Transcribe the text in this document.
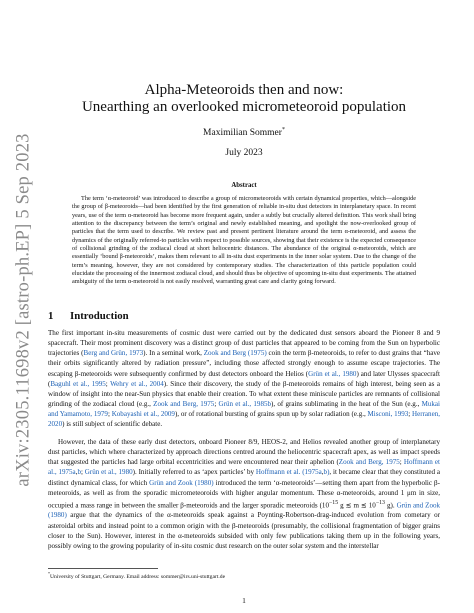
arXiv:2305.11698v2 [astro-ph.EP] 5 Sep 2023
Alpha-Meteoroids then and now:
Unearthing an overlooked micrometeoroid population

Maximilian Sommer*

July 2023

Abstract

The term ‘α-meteoroid’ was introduced to describe a group of micrometeoroids with certain dynamical properties, which—alongside the group of β-meteoroids—had been identified by the first generation of reliable in-situ dust detectors in interplanetary space. In recent years, use of the term α-meteoroid has become more frequent again, under a subtly but crucially altered definition. This work shall bring attention to the discrepancy between the term’s original and newly established meaning, and spotlight the now-overlooked group of particles that the term used to describe. We review past and present pertinent literature around the term α-meteoroid, and assess the dynamics of the originally referred-to particles with respect to possible sources, showing that their existence is the expected consequence of collisional grinding of the zodiacal cloud at short heliocentric distances. The abundance of the original α-meteoroids, which are essentially ‘bound β-meteoroids’, makes them relevant to all in-situ dust experiments in the inner solar system. Due to the change of the term’s meaning, however, they are not considered by contemporary studies. The characterization of this particle population could elucidate the processing of the innermost zodiacal cloud, and should thus be objective of upcoming in-situ dust experiments. The attained ambiguity of the term α-meteoroid is not easily resolved, warranting great care and clarity going forward.

1 Introduction

The first important in-situ measurements of cosmic dust were carried out by the dedicated dust sensors aboard the Pioneer 8 and 9 spacecraft. Their most prominent discovery was a distinct group of dust particles that appeared to be coming from the Sun on hyperbolic trajectories (Berg and Grün, 1973). In a seminal work, Zook and Berg (1975) coin the term β-meteoroids, to refer to dust grains that “have their orbits significantly altered by radiation pressure”, including those affected strongly enough to assume escape trajectories. The escaping β-meteoroids were subsequently confirmed by dust detectors onboard the Helios (Grün et al., 1980) and later Ulysses spacecraft (Baguhl et al., 1995; Wehry et al., 2004). Since their discovery, the study of the β-meteoroids remains of high interest, being seen as a window of insight into the near-Sun physics that enable their creation. To what extent these miniscule particles are remnants of collisional grinding of the zodiacal cloud (e.g., Zook and Berg, 1975; Grün et al., 1985b), of grains sublimating in the heat of the Sun (e.g., Mukai and Yamamoto, 1979; Kobayashi et al., 2009), or of rotational bursting of grains spun up by solar radiation (e.g., Misconi, 1993; Herranen, 2020) is still subject of scientific debate.

However, the data of these early dust detectors, onboard Pioneer 8/9, HEOS-2, and Helios revealed another group of interplanetary dust particles, which where characterized by approach directions centred around the heliocentric spacecraft apex, as well as impact speeds that suggested the particles had large orbital eccentricities and were encountered near their aphelion (Zook and Berg, 1975; Hoffmann et al., 1975a,b; Grün et al., 1980). Initially referred to as ‘apex particles’ by Hoffmann et al. (1975a,b), it became clear that they constituted a distinct dynamical class, for which Grün and Zook (1980) introduced the term ‘α-meteoroids’—setting them apart from the hyperbolic β-meteoroids, as well as from the sporadic micrometeoroids with higher angular momentum. These α-meteoroids, around 1 μm in size, occupied a mass range in between the smaller β-meteoroids and the larger sporadic meteoroids ($10^{-15}$ g ≲ m ≲ $10^{-13}$ g). Grün and Zook (1980) argue that the dynamics of the α-meteoroids speak against a Poynting-Robertson-drag-induced evolution from cometary or asteroidal orbits and instead point to a common origin with the β-meteoroids (presumably, the collisional fragmentation of bigger grains closer to the Sun). However, interest in the α-meteoroids subsided with only few publications taking them up in the following years, possibly owing to the growing popularity of in-situ cosmic dust research on the outer solar system and the interstellar

*University of Stuttgart, Germany. Email address: sommer@irs.uni-stuttgart.de

1
